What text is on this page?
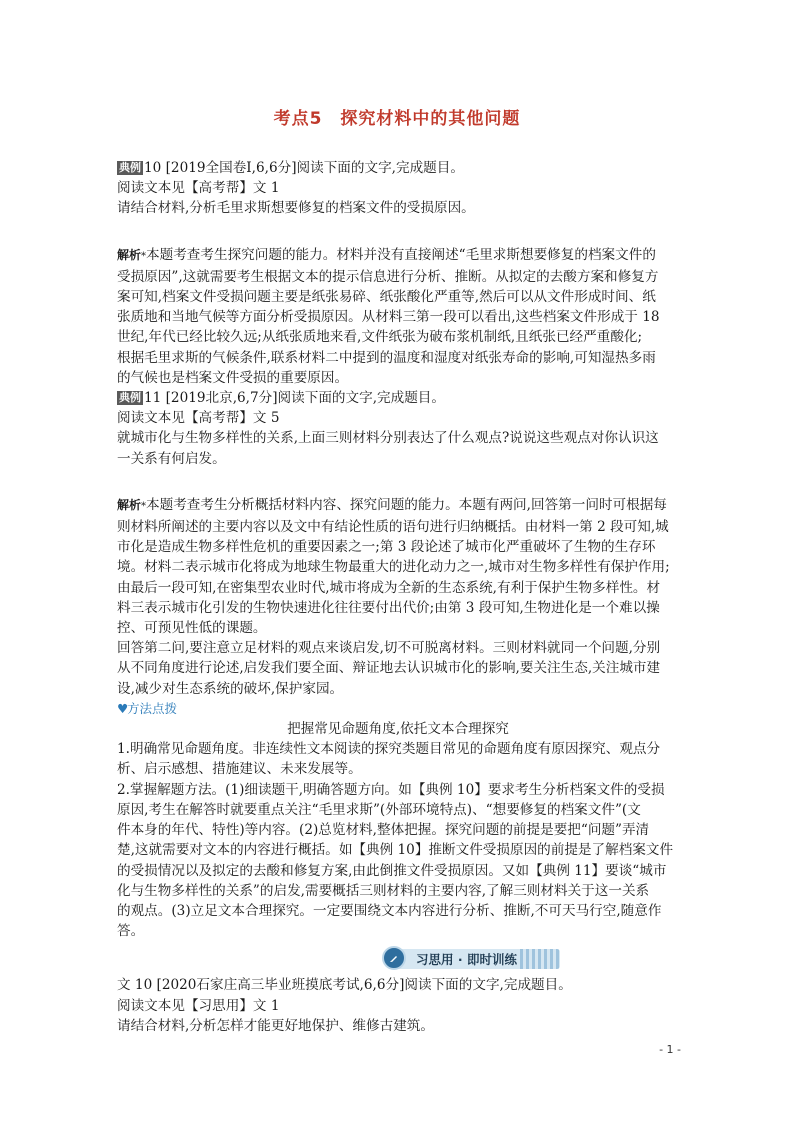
考点5　探究材料中的其他问题

典例 10 [2019全国卷Ⅰ,6,6分]阅读下面的文字,完成题目。

阅读文本见【高考帮】文 1

请结合材料,分析毛里求斯想要修复的档案文件的受损原因。

解析*本题考查考生探究问题的能力。材料并没有直接阐述“毛里求斯想要修复的档案文件的

受损原因”,这就需要考生根据文本的提示信息进行分析、推断。从拟定的去酸方案和修复方

案可知,档案文件受损问题主要是纸张易碎、纸张酸化严重等,然后可以从文件形成时间、纸

张质地和当地气候等方面分析受损原因。从材料三第一段可以看出,这些档案文件形成于 18

世纪,年代已经比较久远;从纸张质地来看,文件纸张为破布浆机制纸,且纸张已经严重酸化;

根据毛里求斯的气候条件,联系材料二中提到的温度和湿度对纸张寿命的影响,可知湿热多雨

的气候也是档案文件受损的重要原因。

典例 11 [2019北京,6,7分]阅读下面的文字,完成题目。

阅读文本见【高考帮】文 5

就城市化与生物多样性的关系,上面三则材料分别表达了什么观点?说说这些观点对你认识这

一关系有何启发。

解析*本题考查考生分析概括材料内容、探究问题的能力。本题有两问,回答第一问时可根据每

则材料所阐述的主要内容以及文中有结论性质的语句进行归纳概括。由材料一第 2 段可知,城

市化是造成生物多样性危机的重要因素之一;第 3 段论述了城市化严重破坏了生物的生存环

境。材料二表示城市化将成为地球生物最重大的进化动力之一,城市对生物多样性有保护作用;

由最后一段可知,在密集型农业时代,城市将成为全新的生态系统,有利于保护生物多样性。材

料三表示城市化引发的生物快速进化往往要付出代价;由第 3 段可知,生物进化是一个难以操

控、可预见性低的课题。

回答第二问,要注意立足材料的观点来谈启发,切不可脱离材料。三则材料就同一个问题,分别

从不同角度进行论述,启发我们要全面、辩证地去认识城市化的影响,要关注生态,关注城市建

设,减少对生态系统的破坏,保护家园。

♥方法点拨

把握常见命题角度,依托文本合理探究

1.明确常见命题角度。非连续性文本阅读的探究类题目常见的命题角度有原因探究、观点分

析、启示感想、措施建议、未来发展等。

2.掌握解题方法。(1)细读题干,明确答题方向。如【典例 10】要求考生分析档案文件的受损

原因,考生在解答时就要重点关注“毛里求斯”(外部环境特点)、“想要修复的档案文件”(文

件本身的年代、特性)等内容。(2)总览材料,整体把握。探究问题的前提是要把“问题”弄清

楚,这就需要对文本的内容进行概括。如【典例 10】推断文件受损原因的前提是了解档案文件

的受损情况以及拟定的去酸和修复方案,由此倒推文件受损原因。又如【典例 11】要谈“城市

化与生物多样性的关系”的启发,需要概括三则材料的主要内容,了解三则材料关于这一关系

的观点。(3)立足文本合理探究。一定要围绕文本内容进行分析、推断,不可天马行空,随意作

答。

习思用 · 即时训练

文 10 [2020石家庄高三毕业班摸底考试,6,6分]阅读下面的文字,完成题目。

阅读文本见【习思用】文 1

请结合材料,分析怎样才能更好地保护、维修古建筑。

- 1 -
